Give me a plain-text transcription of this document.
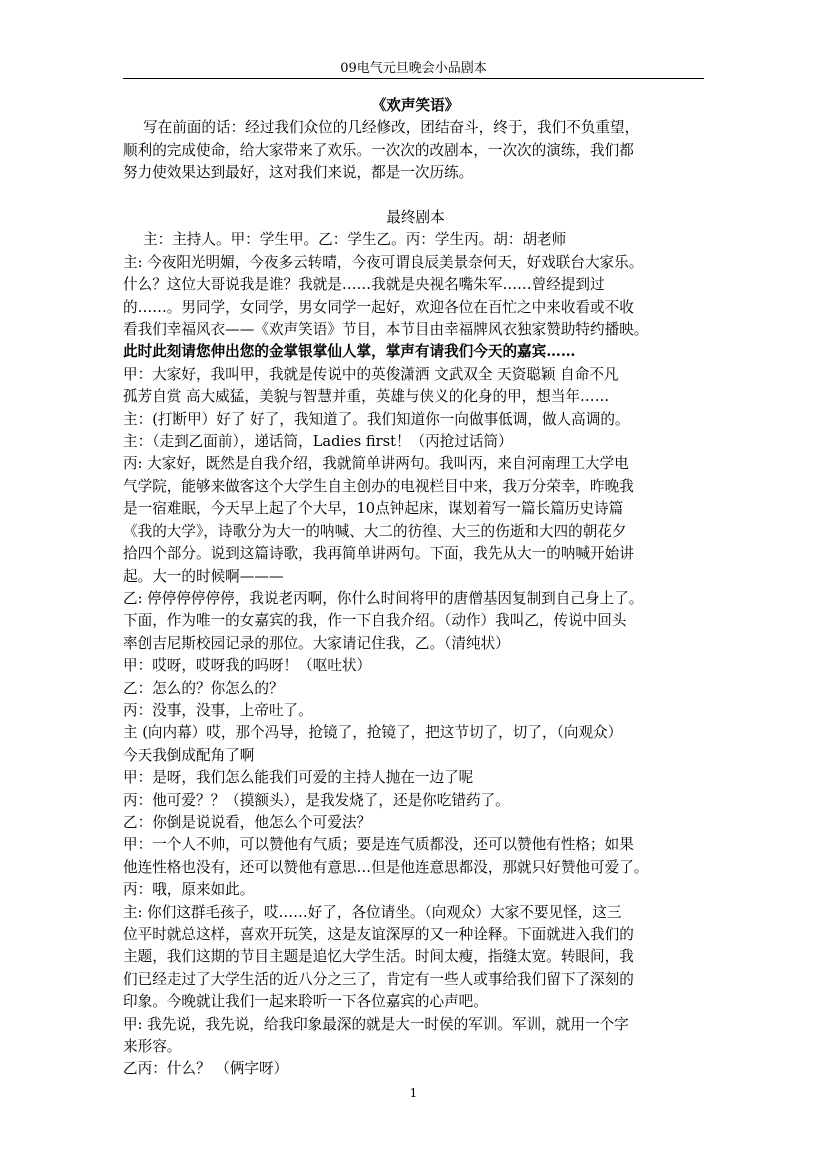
09电气元旦晚会小品剧本

《欢声笑语》

写在前面的话：经过我们众位的几经修改，团结奋斗，终于，我们不负重望，

顺利的完成使命，给大家带来了欢乐。一次次的改剧本，一次次的演练，我们都

努力使效果达到最好，这对我们来说，都是一次历练。

最终剧本

主：主持人。甲：学生甲。乙：学生乙。丙：学生丙。胡：胡老师

主: 今夜阳光明媚，今夜多云转晴，今夜可谓良辰美景奈何天，好戏联台大家乐。

什么？这位大哥说我是谁？我就是……我就是央视名嘴朱军……曾经提到过

的……。男同学，女同学，男女同学一起好，欢迎各位在百忙之中来收看或不收

看我们幸福风衣——《欢声笑语》节目，本节目由幸福牌风衣独家赞助特约播映。

此时此刻请您伸出您的金掌银掌仙人掌，掌声有请我们今天的嘉宾……

甲：大家好，我叫甲，我就是传说中的英俊潇洒 文武双全 天资聪颖 自命不凡

孤芳自赏 高大威猛，美貌与智慧并重，英雄与侠义的化身的甲，想当年……

主：(打断甲）好了 好了，我知道了。我们知道你一向做事低调，做人高调的。

主：（走到乙面前），递话筒，Ladies first！（丙抢过话筒）

丙: 大家好，既然是自我介绍，我就简单讲两句。我叫丙，来自河南理工大学电

气学院，能够来做客这个大学生自主创办的电视栏目中来，我万分荣幸，昨晚我

是一宿难眠，今天早上起了个大早，10点钟起床，谋划着写一篇长篇历史诗篇

《我的大学》，诗歌分为大一的呐喊、大二的彷徨、大三的伤逝和大四的朝花夕

拾四个部分。说到这篇诗歌，我再简单讲两句。下面，我先从大一的呐喊开始讲

起。大一的时候啊———

乙: 停停停停停停，我说老丙啊，你什么时间将甲的唐僧基因复制到自己身上了。

下面，作为唯一的女嘉宾的我，作一下自我介绍。（动作）我叫乙，传说中回头

率创吉尼斯校园记录的那位。大家请记住我，乙。（清纯状）

甲：哎呀，哎呀我的吗呀！（呕吐状）

乙：怎么的？你怎么的？

丙：没事，没事，上帝吐了。

主 (向内幕）哎，那个冯导，抢镜了，抢镜了，把这节切了，切了，（向观众）

今天我倒成配角了啊

甲：是呀，我们怎么能我们可爱的主持人抛在一边了呢

丙：他可爱？？（摸额头），是我发烧了，还是你吃错药了。

乙：你倒是说说看，他怎么个可爱法？

甲：一个人不帅，可以赞他有气质；要是连气质都没，还可以赞他有性格；如果

他连性格也没有，还可以赞他有意思…但是他连意思都没，那就只好赞他可爱了。

丙：哦，原来如此。

主: 你们这群毛孩子，哎……好了，各位请坐。（向观众）大家不要见怪，这三

位平时就总这样，喜欢开玩笑，这是友谊深厚的又一种诠释。下面就进入我们的

主题，我们这期的节目主题是追忆大学生活。时间太瘦，指缝太宽。转眼间，我

们已经走过了大学生活的近八分之三了，肯定有一些人或事给我们留下了深刻的

印象。今晚就让我们一起来聆听一下各位嘉宾的心声吧。

甲: 我先说，我先说，给我印象最深的就是大一时侯的军训。军训，就用一个字

来形容。

乙丙：什么？ （俩字呀）

1
